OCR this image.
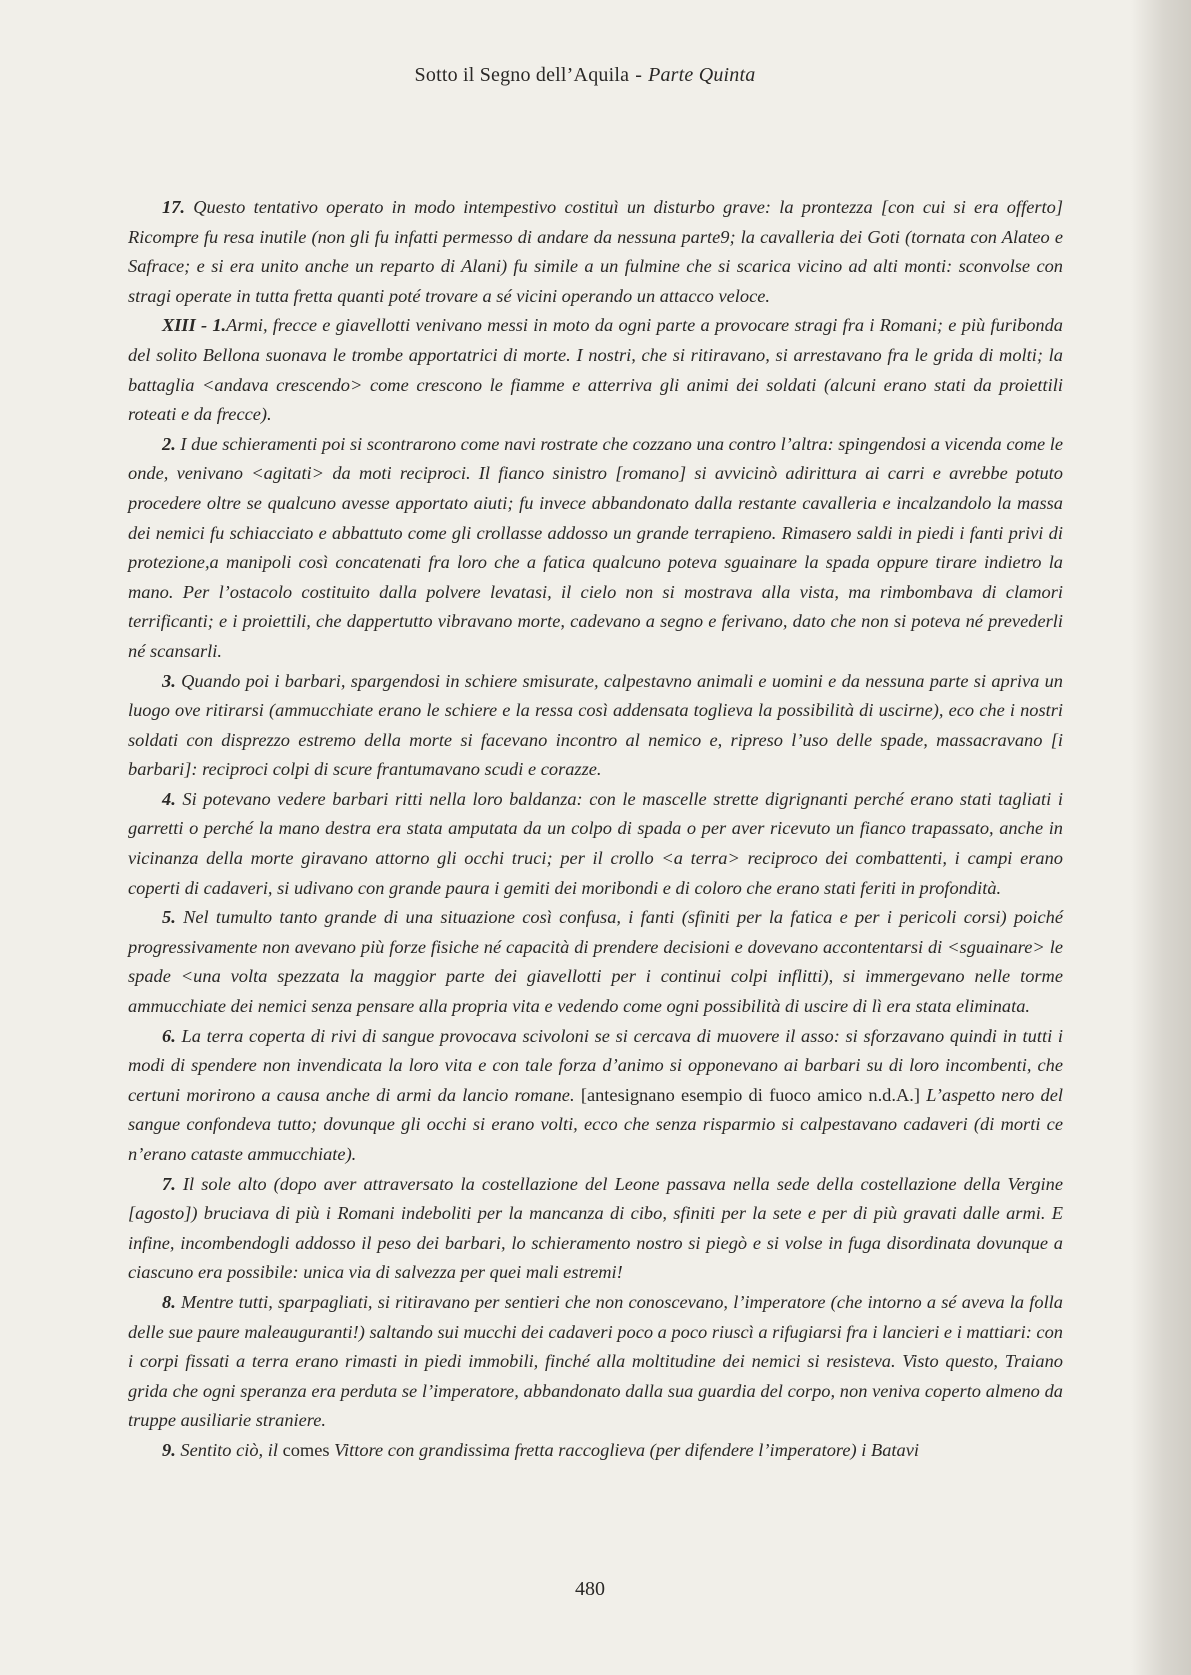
Sotto il Segno dell’Aquila - Parte Quinta

17. Questo tentativo operato in modo intempestivo costituì un disturbo grave: la prontezza [con cui si era offerto] Ricompre fu resa inutile (non gli fu infatti permesso di andare da nessuna parte9; la cavalleria dei Goti (tornata con Alateo e Safrace; e si era unito anche un reparto di Alani) fu simile a un fulmine che si scarica vicino ad alti monti: sconvolse con stragi operate in tutta fretta quanti poté trovare a sé vicini operando un attacco veloce.

XIII - 1.Armi, frecce e giavellotti venivano messi in moto da ogni parte a provocare stragi fra i Romani; e più furibonda del solito Bellona suonava le trombe apportatrici di morte. I nostri, che si ritiravano, si arrestavano fra le grida di molti; la battaglia <andava crescendo> come crescono le fiamme e atterriva gli animi dei soldati (alcuni erano stati da proiettili roteati e da frecce).

2. I due schieramenti poi si scontrarono come navi rostrate che cozzano una contro l’altra: spingendosi a vicenda come le onde, venivano <agitati> da moti reciproci. Il fianco sinistro [romano] si avvicinò adirittura ai carri e avrebbe potuto procedere oltre se qualcuno avesse apportato aiuti; fu invece abbandonato dalla restante cavalleria e incalzandolo la massa dei nemici fu schiacciato e abbattuto come gli crollasse addosso un grande terrapieno. Rimasero saldi in piedi i fanti privi di protezione,a manipoli così concatenati fra loro che a fatica qualcuno poteva sguainare la spada oppure tirare indietro la mano. Per l’ostacolo costituito dalla polvere levatasi, il cielo non si mostrava alla vista, ma rimbombava di clamori terrificanti; e i proiettili, che dappertutto vibravano morte, cadevano a segno e ferivano, dato che non si poteva né prevederli né scansarli.

3. Quando poi i barbari, spargendosi in schiere smisurate, calpestavno animali e uomini e da nessuna parte si apriva un luogo ove ritirarsi (ammucchiate erano le schiere e la ressa così addensata toglieva la possibilità di uscirne), eco che i nostri soldati con disprezzo estremo della morte si facevano incontro al nemico e, ripreso l’uso delle spade, massacravano [i barbari]: reciproci colpi di scure frantumavano scudi e corazze.

4. Si potevano vedere barbari ritti nella loro baldanza: con le mascelle strette digrignanti perché erano stati tagliati i garretti o perché la mano destra era stata amputata da un colpo di spada o per aver ricevuto un fianco trapassato, anche in vicinanza della morte giravano attorno gli occhi truci; per il crollo <a terra> reciproco dei combattenti, i campi erano coperti di cadaveri, si udivano con grande paura i gemiti dei moribondi e di coloro che erano stati feriti in profondità.

5. Nel tumulto tanto grande di una situazione così confusa, i fanti (sfiniti per la fatica e per i pericoli corsi) poiché progressivamente non avevano più forze fisiche né capacità di prendere decisioni e dovevano accontentarsi di <sguainare> le spade <una volta spezzata la maggior parte dei giavellotti per i continui colpi inflitti), si immergevano nelle torme ammucchiate dei nemici senza pensare alla propria vita e vedendo come ogni possibilità di uscire di lì era stata eliminata.

6. La terra coperta di rivi di sangue provocava scivoloni se si cercava di muovere il asso: si sforzavano quindi in tutti i modi di spendere non invendicata la loro vita e con tale forza d’animo si opponevano ai barbari su di loro incombenti, che certuni morirono a causa anche di armi da lancio romane. [antesignano esempio di fuoco amico n.d.A.] L’aspetto nero del sangue confondeva tutto; dovunque gli occhi si erano volti, ecco che senza risparmio si calpestavano cadaveri (di morti ce n’erano cataste ammucchiate).

7. Il sole alto (dopo aver attraversato la costellazione del Leone passava nella sede della costellazione della Vergine [agosto]) bruciava di più i Romani indeboliti per la mancanza di cibo, sfiniti per la sete e per di più gravati dalle armi. E infine, incombendogli addosso il peso dei barbari, lo schieramento nostro si piegò e si volse in fuga disordinata dovunque a ciascuno era possibile: unica via di salvezza per quei mali estremi!

8. Mentre tutti, sparpagliati, si ritiravano per sentieri che non conoscevano, l’imperatore (che intorno a sé aveva la folla delle sue paure maleauguranti!) saltando sui mucchi dei cadaveri poco a poco riuscì a rifugiarsi fra i lancieri e i mattiari: con i corpi fissati a terra erano rimasti in piedi immobili, finché alla moltitudine dei nemici si resisteva. Visto questo, Traiano grida che ogni speranza era perduta se l’imperatore, abbandonato dalla sua guardia del corpo, non veniva coperto almeno da truppe ausiliarie straniere.

9. Sentito ciò, il comes Vittore con grandissima fretta raccoglieva (per difendere l’imperatore) i Batavi

480
